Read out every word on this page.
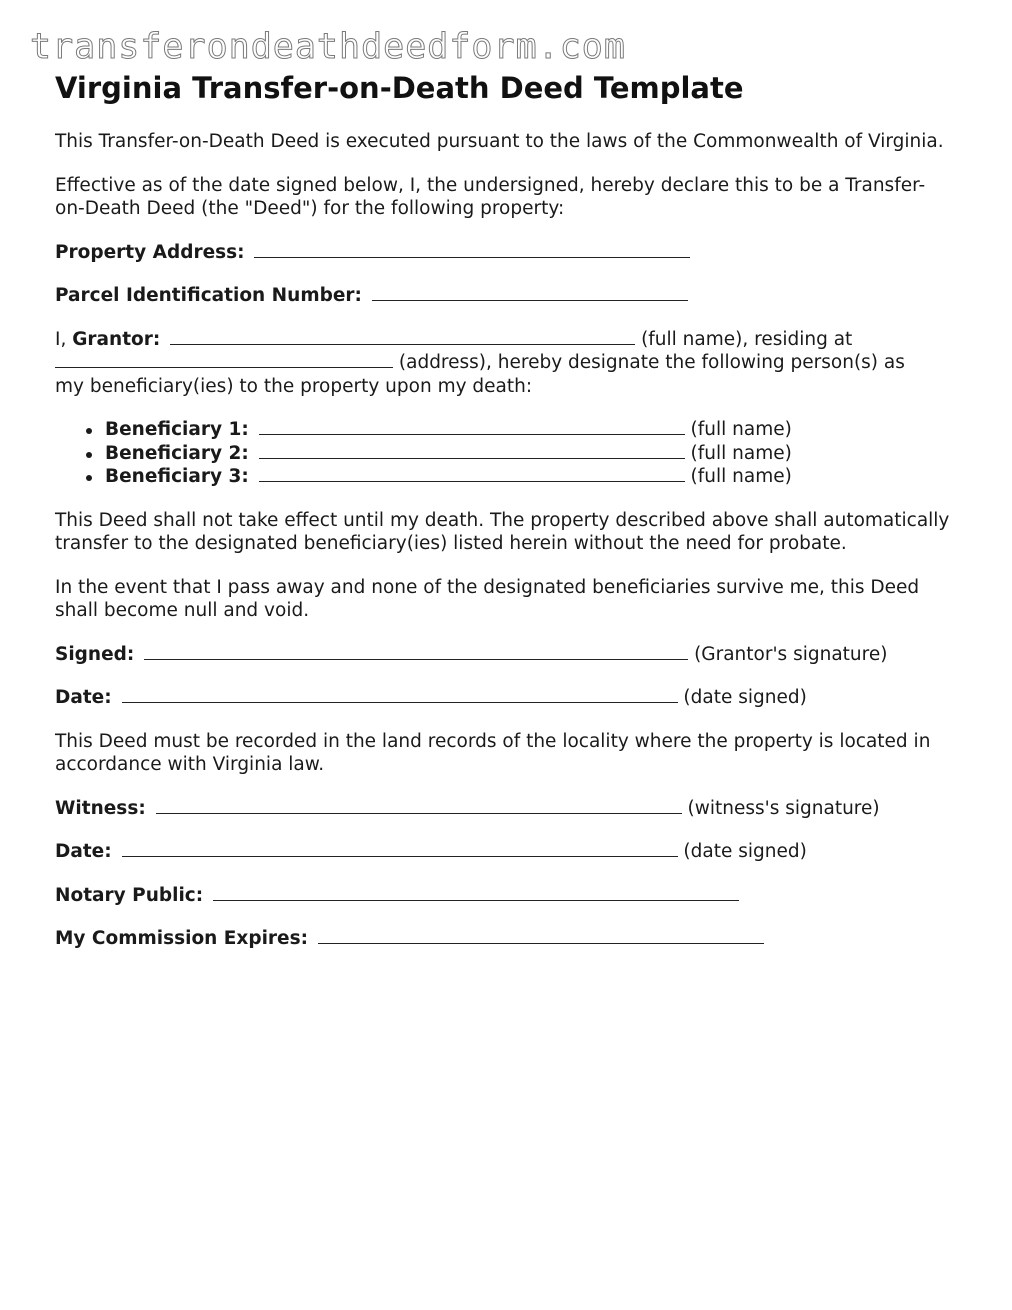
transferondeathdeedform.com
Virginia Transfer-on-Death Deed Template

This Transfer-on-Death Deed is executed pursuant to the laws of the Commonwealth of Virginia.

Effective as of the date signed below, I, the undersigned, hereby declare this to be a Transfer-on-Death Deed (the "Deed") for the following property:

Property Address:
Parcel Identification Number:
I, Grantor:	(full name), residing at
(address), hereby designate the following person(s) as
my beneficiary(ies) to the property upon my death:
Beneficiary 1:	(full name)
Beneficiary 2:	(full name)
Beneficiary 3:	(full name)

This Deed shall not take effect until my death. The property described above shall automatically transfer to the designated beneficiary(ies) listed herein without the need for probate.

In the event that I pass away and none of the designated beneficiaries survive me, this Deed shall become null and void.

Signed:	(Grantor's signature)
Date:	(date signed)

This Deed must be recorded in the land records of the locality where the property is located in accordance with Virginia law.

Witness:	(witness's signature)
Date:	(date signed)
Notary Public:
My Commission Expires:
